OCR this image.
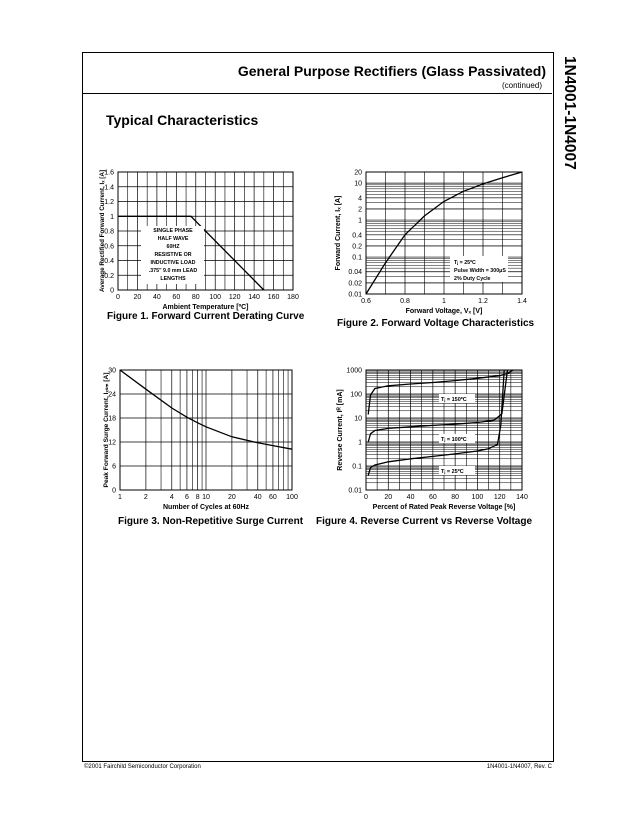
1N4001-1N4007
General Purpose Rectifiers (Glass Passivated)
(continued)
Typical Characteristics
0 20 40 60 80 100 120 140 160 180
0
0.2
0.4
0.6
0.8
1
1.2
1.4
1.6
Ambient Temperature [ºC]
Average Rectified Forward Current, Iₓ [A]	SINGLE PHASE
HALF WAVE
60HZ
RESISTIVE OR
INDUCTIVE LOAD
.375" 9.0 mm LEAD
LENGTHS
Figure 1. Forward Current Derating Curve
0.6	0.8	1	1.2	1.4
0.01
0.02
0.04
0.1
0.2
0.4
1
2
4
10
20
Forward Voltage, Vₓ [V]
Forward Current, Iₓ [A]	Tⱼ = 25ºC
Pulse Width = 300μS
2% Duty Cycle
Figure 2. Forward Voltage Characteristics
1	2	4 6 8 10	20	40 60 100
0
6
12
18
24
30
Number of Cycles at 60Hz
Peak Forward Surge Current, Iₓₛₘ [A]
Figure 3. Non-Repetitive Surge Current
0 20 40 60 80 100 120 140
0.01
0.1
1
10
100
1000
Percent of Rated Peak Reverse Voltage [%]
Reverse Current, Iᴿ [mA]	Tⱼ = 150ºC
Tⱼ = 100ºC
Tⱼ = 25ºC
Figure 4. Reverse Current vs Reverse Voltage
©2001 Fairchild Semiconductor Corporation	1N4001-1N4007, Rev. C
